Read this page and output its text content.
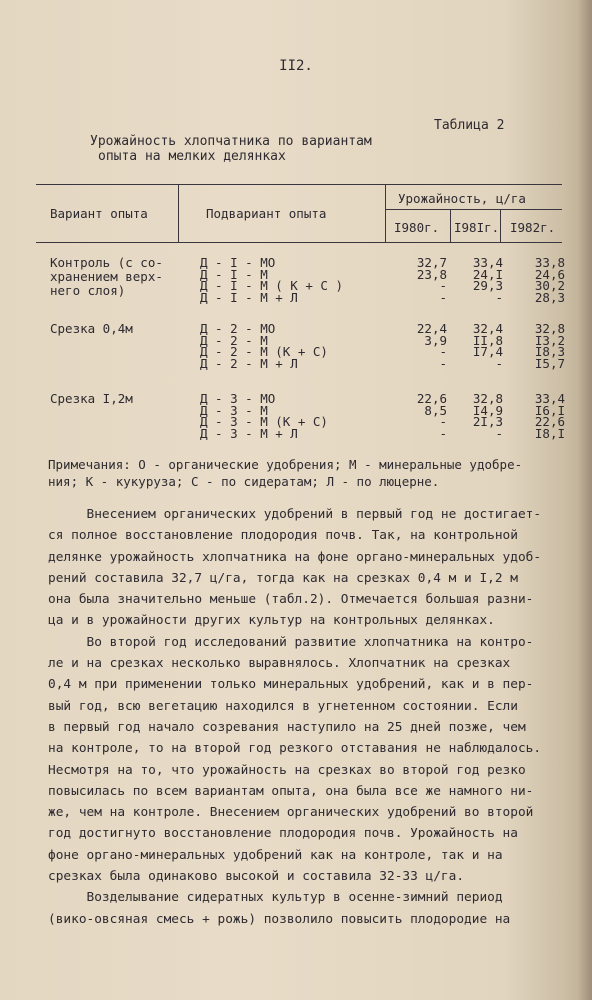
II2.
Таблица 2
Урожайность хлопчатника по вариантам
опыта на мелких делянках
Вариант опыта	Подвариант опыта
Урожайность, ц/га
I980г. I98Iг. I982г.
Контроль (с со-
хранением верх-
него слоя)
Д - I - МО	32,7	33,4	33,8
Д - I - М	23,8	24,I	24,6
Д - I - М ( К + С )	-	29,3	30,2
Д - I - М + Л	-	-	28,3
Срезка 0,4м	Д - 2 - МО	22,4	32,4	32,8
Д - 2 - М	3,9	II,8	I3,2
Д - 2 - М (К + С)	-	I7,4	I8,3
Д - 2 - М + Л	-	-	I5,7
Срезка I,2м	Д - 3 - МО	22,6	32,8	33,4
Д - 3 - М	8,5	I4,9	I6,I
Д - 3 - М (К + С)	-	2I,3	22,6
Д - 3 - М + Л	-	-	I8,I
Примечания: О - органические удобрения; М - минеральные удобре-
ния; К - кукуруза; С - по сидератам; Л - по люцерне.

Внесением органических удобрений в первый год не достигает-

ся полное восстановление плодородия почв. Так, на контрольной

делянке урожайность хлопчатника на фоне органо-минеральных удоб-

рений составила 32,7 ц/га, тогда как на срезках 0,4 м и I,2 м

она была значительно меньше (табл.2). Отмечается большая разни-

ца и в урожайности других культур на контрольных делянках.

Во второй год исследований развитие хлопчатника на контро-

ле и на срезках несколько выравнялось. Хлопчатник на срезках

0,4 м при применении только минеральных удобрений, как и в пер-

вый год, всю вегетацию находился в угнетенном состоянии. Если

в первый год начало созревания наступило на 25 дней позже, чем

на контроле, то на второй год резкого отставания не наблюдалось.

Несмотря на то, что урожайность на срезках во второй год резко

повысилась по всем вариантам опыта, она была все же намного ни-

же, чем на контроле. Внесением органических удобрений во второй

год достигнуто восстановление плодородия почв. Урожайность на

фоне органо-минеральных удобрений как на контроле, так и на

срезках была одинаково высокой и составила 32-33 ц/га.

Возделывание сидератных культур в осенне-зимний период

(вико-овсяная смесь + рожь) позволило повысить плодородие на
